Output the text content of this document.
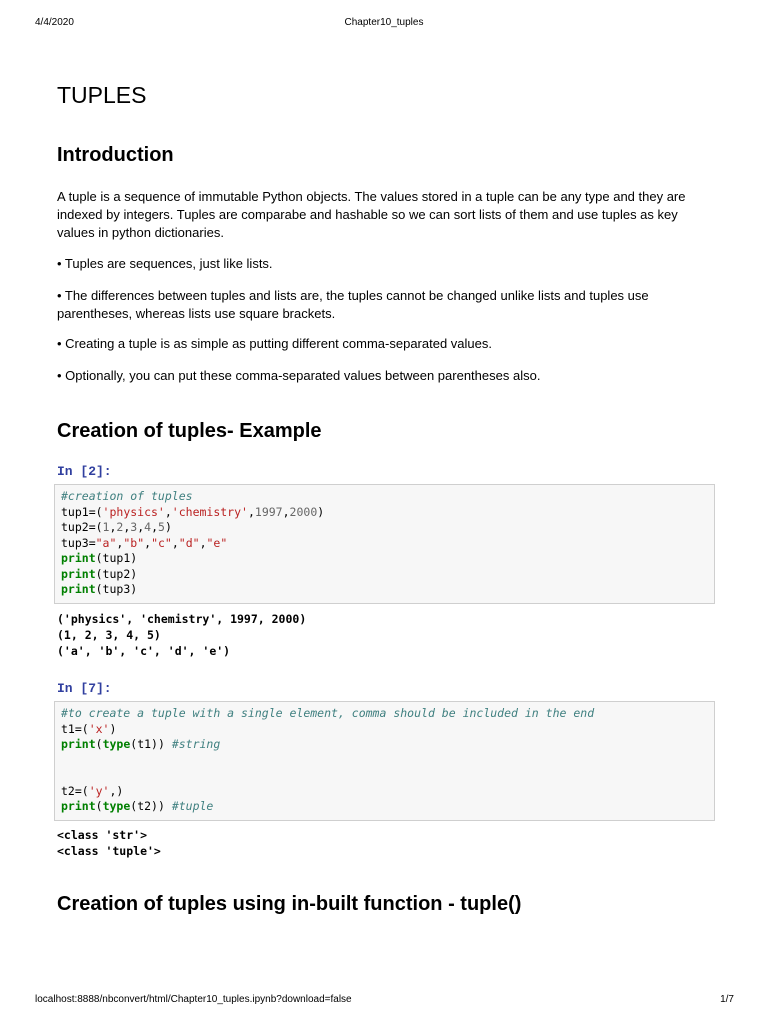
4/4/2020	Chapter10_tuples
TUPLES
Introduction

A tuple is a sequence of immutable Python objects. The values stored in a tuple can be any type and they are indexed by integers. Tuples are comparabe and hashable so we can sort lists of them and use tuples as key values in python dictionaries.

• Tuples are sequences, just like lists.

• The differences between tuples and lists are, the tuples cannot be changed unlike lists and tuples use parentheses, whereas lists use square brackets.

• Creating a tuple is as simple as putting different comma-separated values.

• Optionally, you can put these comma-separated values between parentheses also.

Creation of tuples- Example
In [2]:
#creation of tuples
tup1=('physics','chemistry',1997,2000)
tup2=(1,2,3,4,5)
tup3="a","b","c","d","e"
print(tup1)
print(tup2)
print(tup3)
('physics', 'chemistry', 1997, 2000)
(1, 2, 3, 4, 5)
('a', 'b', 'c', 'd', 'e')
In [7]:
#to create a tuple with a single element, comma should be included in the end
t1=('x')
print(type(t1)) #string

t2=('y',)
print(type(t2)) #tuple
<class 'str'>
<class 'tuple'>
Creation of tuples using in-built function - tuple()
localhost:8888/nbconvert/html/Chapter10_tuples.ipynb?download=false	1/7
